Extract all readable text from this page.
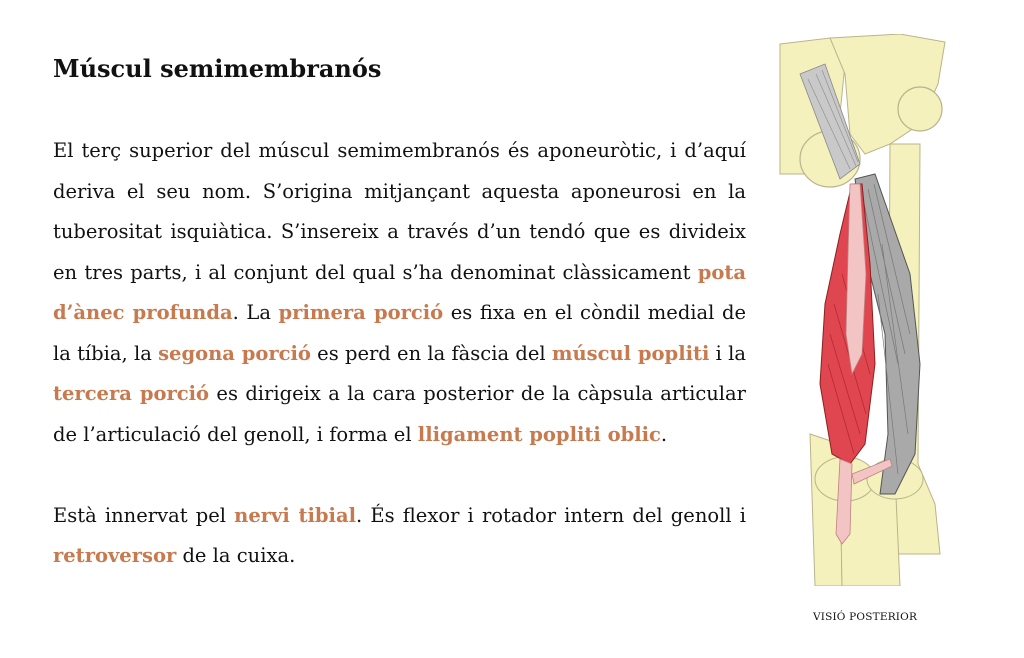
Múscul semimembranós

El terç superior del múscul semimembranós és aponeuròtic, i d’aquí deriva el seu nom. S’origina mitjançant aquesta aponeurosi en la tuberositat isquiàtica. S’insereix a través d’un tendó que es divideix en tres parts, i al conjunt del qual s’ha denominat clàssicament pota d’ànec profunda. La primera porció es fixa en el còndil medial de la tíbia, la segona porció es perd en la fàscia del múscul popliti i la tercera porció es dirigeix a la cara posterior de la càpsula articular de l’articulació del genoll, i forma el lligament popliti oblic.

Està innervat pel nervi tibial. És flexor i rotador intern del genoll i retroversor de la cuixa.

VISIÓ POSTERIOR
